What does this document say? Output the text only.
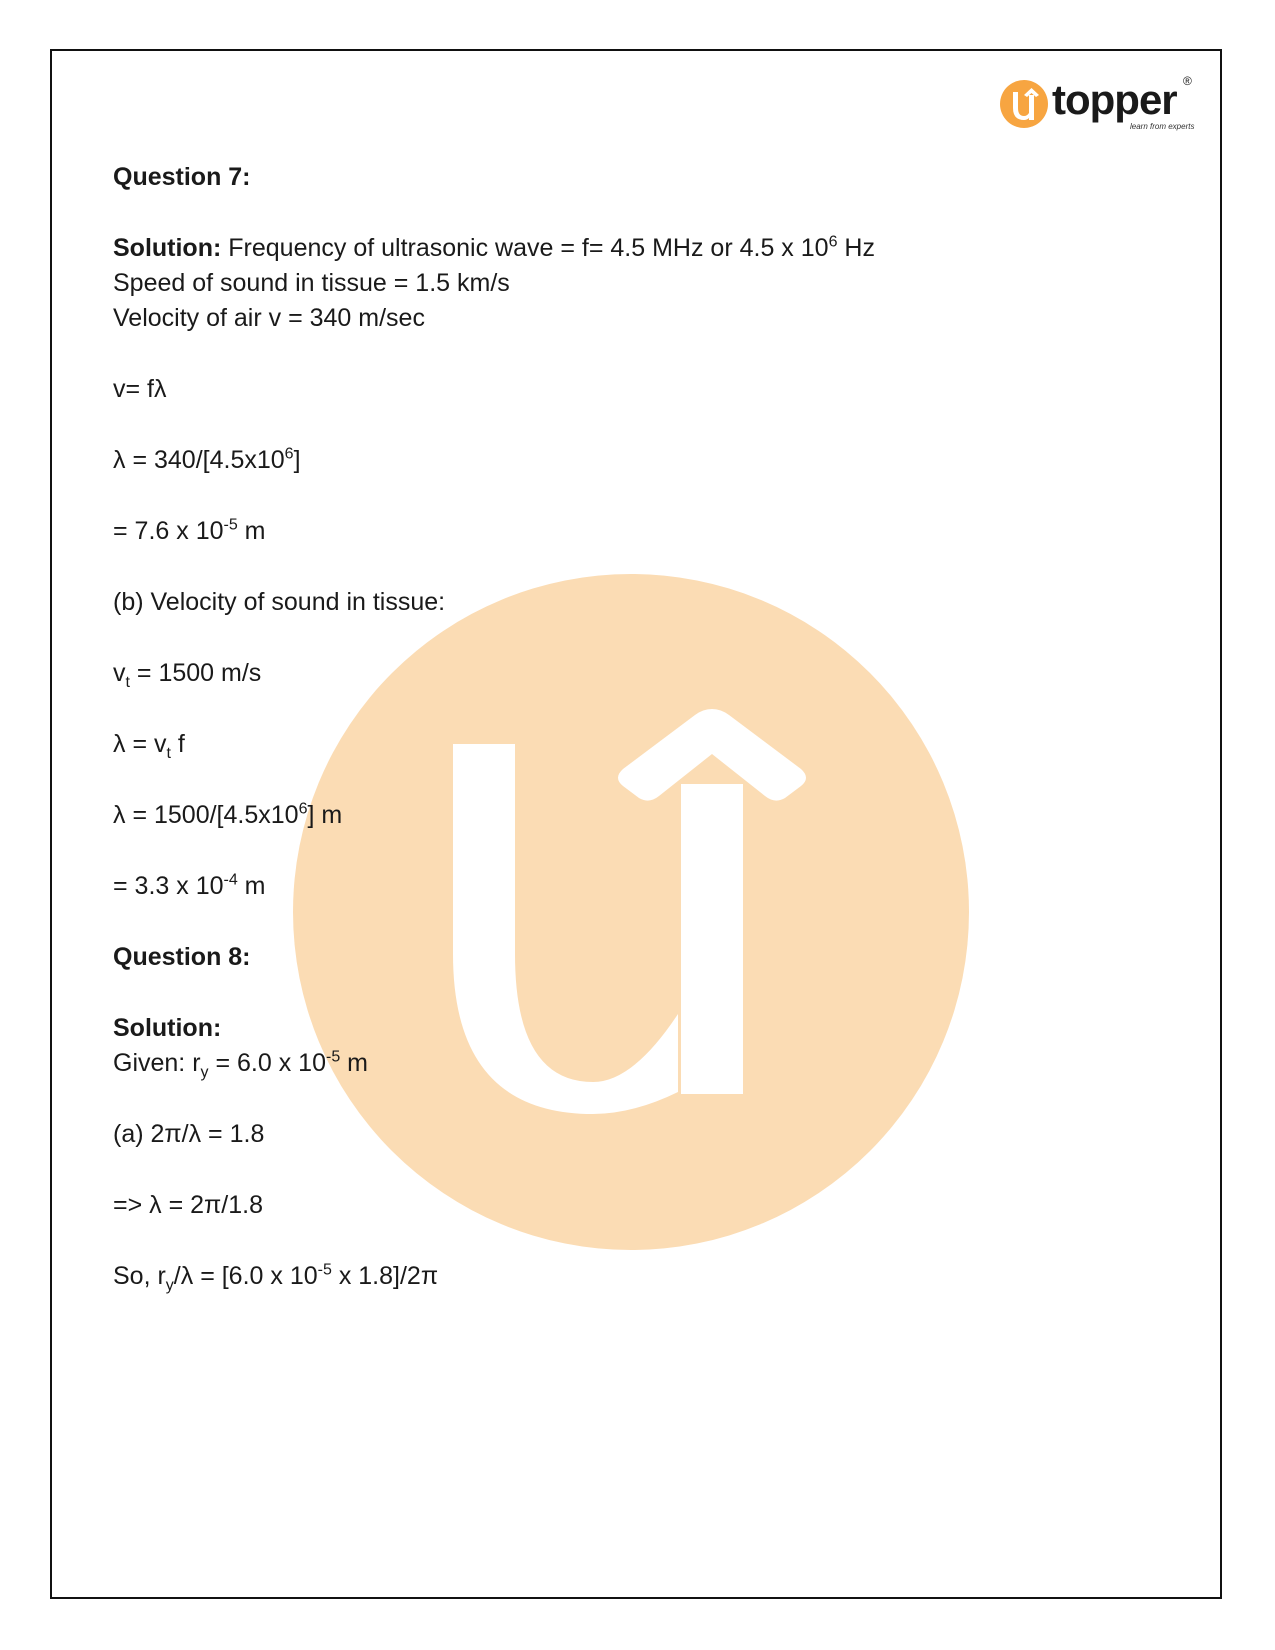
topper ®
learn from experts
Question 7:
Solution: Frequency of ultrasonic wave = f= 4.5 MHz or 4.5 x $10^6$ Hz
Speed of sound in tissue = 1.5 km/s
Velocity of air v = 340 m/sec
v= fλ
$\lambda = 340/[4.5x10^6]$
= 7.6 x $10^{-5}$ m
(b) Velocity of sound in tissue:
$v_t = 1500$ m/s
$\lambda = v_t$ f
$\lambda = 1500/[4.5x10^6]$ m
= 3.3 x $10^{-4}$ m
Question 8:
Solution:
Given: $r_y = 6.0$ x $10^{-5}$ m
(a) 2π/λ = 1.8
=> λ = 2π/1.8
So, $r_y/\lambda = [6.0$ x $10^{-5}$ x 1.8]/2π
